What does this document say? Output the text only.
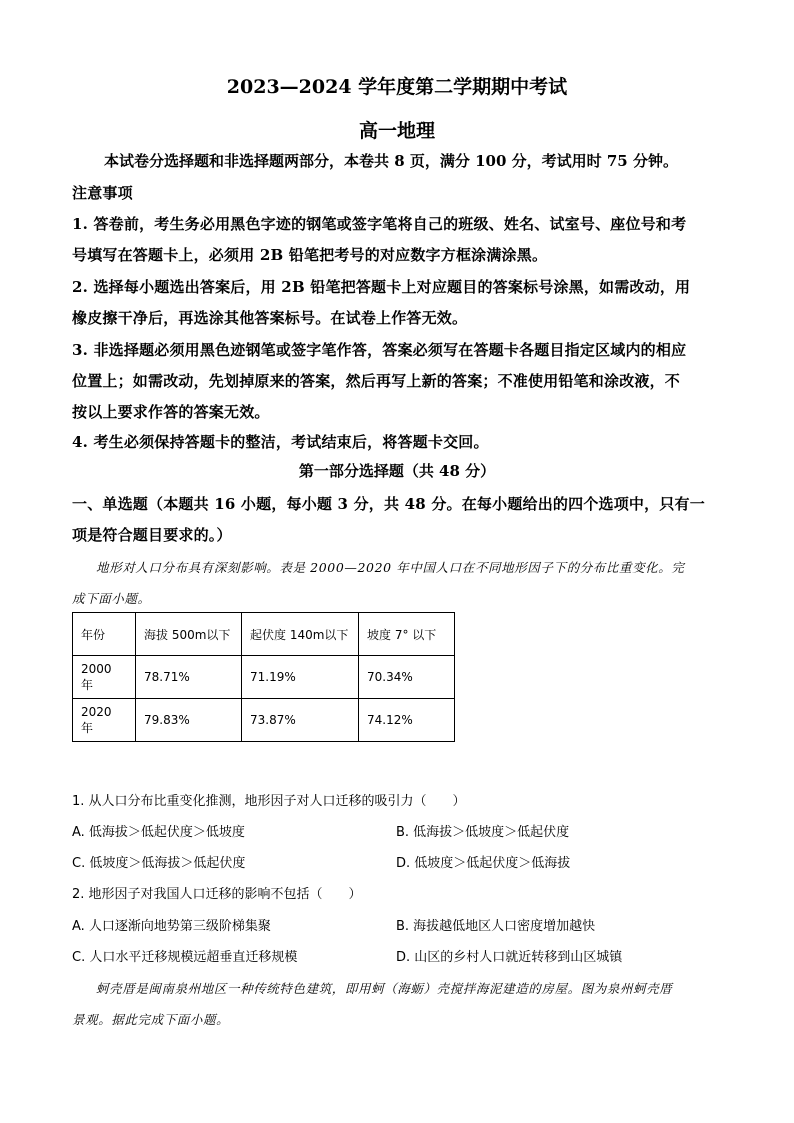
2023—2024 学年度第二学期期中考试
高一地理
本试卷分选择题和非选择题两部分，本卷共 8 页，满分 100 分，考试用时 75 分钟。
注意事项
1. 答卷前，考生务必用黑色字迹的钢笔或签字笔将自己的班级、姓名、试室号、座位号和考
号填写在答题卡上，必须用 2B 铅笔把考号的对应数字方框涂满涂黑。
2. 选择每小题选出答案后，用 2B 铅笔把答题卡上对应题目的答案标号涂黑，如需改动，用
橡皮擦干净后，再选涂其他答案标号。在试卷上作答无效。
3. 非选择题必须用黑色迹钢笔或签字笔作答，答案必须写在答题卡各题目指定区域内的相应
位置上；如需改动，先划掉原来的答案，然后再写上新的答案；不准使用铅笔和涂改液，不
按以上要求作答的答案无效。
4. 考生必须保持答题卡的整洁，考试结束后，将答题卡交回。
第一部分选择题（共 48 分）
一、单选题（本题共 16 小题，每小题 3 分，共 48 分。在每小题给出的四个选项中，只有一
项是符合题目要求的。）
地形对人口分布具有深刻影响。表是 2000—2020 年中国人口在不同地形因子下的分布比重变化。完
成下面小题。
年份	海拔 500m以下	起伏度 140m以下	坡度 7° 以下
2000 年	78.71%	71.19%	70.34%
2020 年	79.83%	73.87%	74.12%
1. 从人口分布比重变化推测，地形因子对人口迁移的吸引力（　　）
A. 低海拔＞低起伏度＞低坡度	B. 低海拔＞低坡度＞低起伏度
C. 低坡度＞低海拔＞低起伏度	D. 低坡度＞低起伏度＞低海拔
2. 地形因子对我国人口迁移的影响不包括（　　）
A. 人口逐渐向地势第三级阶梯集聚	B. 海拔越低地区人口密度增加越快
C. 人口水平迁移规模远超垂直迁移规模	D. 山区的乡村人口就近转移到山区城镇
蚵壳厝是闽南泉州地区一种传统特色建筑，即用蚵（海蛎）壳搅拌海泥建造的房屋。图为泉州蚵壳厝
景观。据此完成下面小题。
